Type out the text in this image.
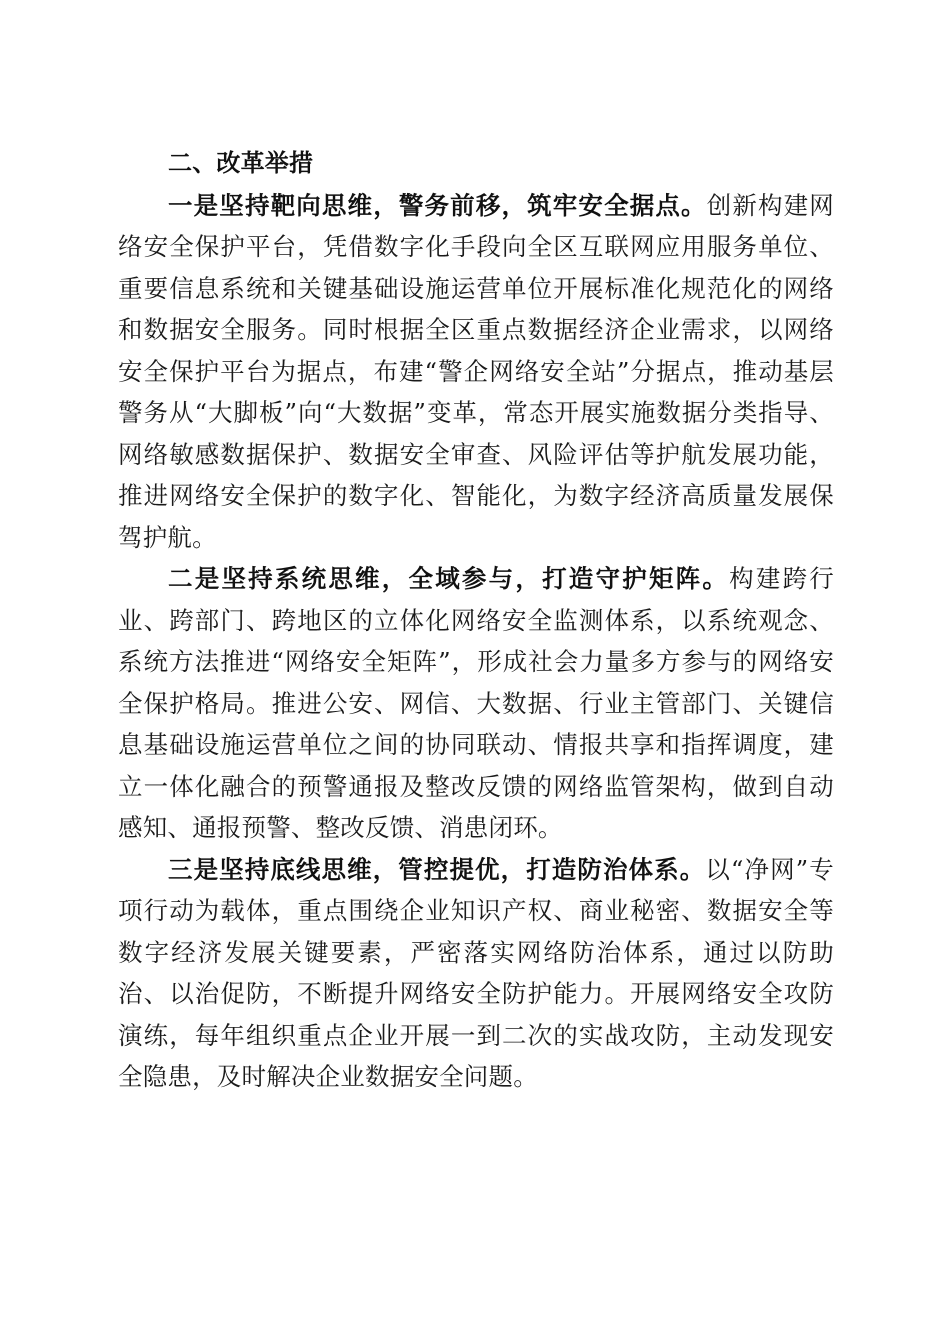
二、改革举措

一是坚持靶向思维，警务前移，筑牢安全据点。创新构建网络安全保护平台，凭借数字化手段向全区互联网应用服务单位、重要信息系统和关键基础设施运营单位开展标准化规范化的网络和数据安全服务。同时根据全区重点数据经济企业需求，以网络安全保护平台为据点，布建“警企网络安全站”分据点，推动基层警务从“大脚板”向“大数据”变革，常态开展实施数据分类指导、网络敏感数据保护、数据安全审查、风险评估等护航发展功能，推进网络安全保护的数字化、智能化，为数字经济高质量发展保驾护航。

二是坚持系统思维，全域参与，打造守护矩阵。构建跨行业、跨部门、跨地区的立体化网络安全监测体系，以系统观念、系统方法推进“网络安全矩阵”，形成社会力量多方参与的网络安全保护格局。推进公安、网信、大数据、行业主管部门、关键信息基础设施运营单位之间的协同联动、情报共享和指挥调度，建立一体化融合的预警通报及整改反馈的网络监管架构，做到自动感知、通报预警、整改反馈、消患闭环。

三是坚持底线思维，管控提优，打造防治体系。以“净网”专项行动为载体，重点围绕企业知识产权、商业秘密、数据安全等数字经济发展关键要素，严密落实网络防治体系，通过以防助治、以治促防，不断提升网络安全防护能力。开展网络安全攻防演练，每年组织重点企业开展一到二次的实战攻防，主动发现安全隐患，及时解决企业数据安全问题。
